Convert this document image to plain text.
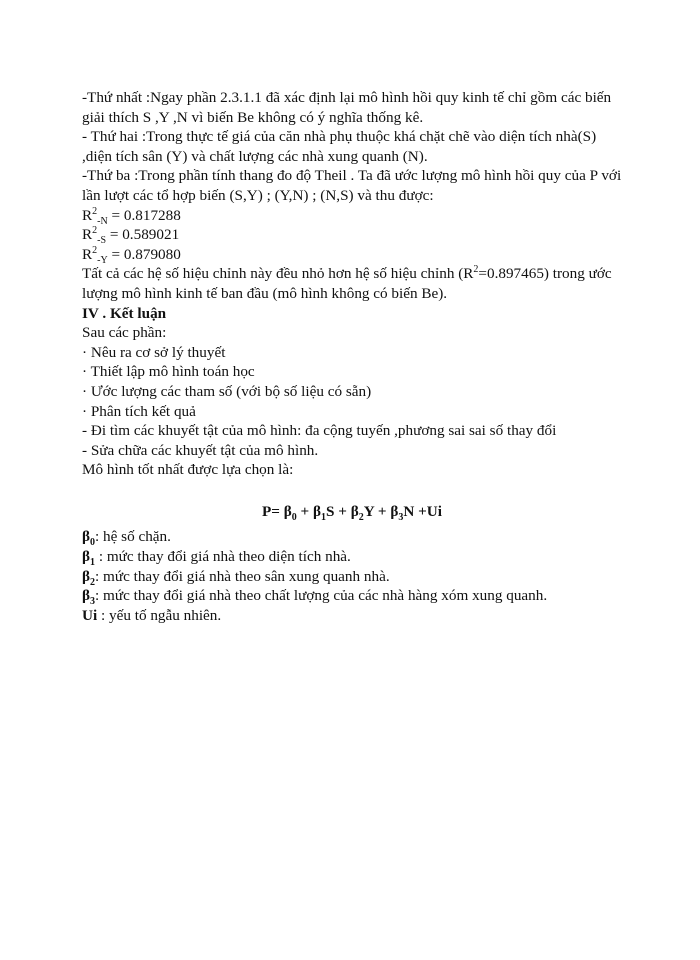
-Thứ nhất :Ngay phần 2.3.1.1 đã xác định lại mô hình hồi quy kinh tế chỉ gồm các biến giải thích S ,Y ,N vì biến Be không có ý nghĩa thống kê.

- Thứ hai :Trong thực tế giá của căn nhà phụ thuộc khá chặt chẽ vào diện tích nhà(S) ,diện tích sân (Y) và chất lượng các nhà xung quanh (N).

-Thứ ba :Trong phần tính thang đo độ Theil . Ta đã ước lượng mô hình hồi quy của P với lần lượt các tổ hợp biến (S,Y) ; (Y,N) ; (N,S) và thu được:

$R^2_{-N} = 0.817288$

$R^2_{-S} = 0.589021$

$R^2_{-Y} = 0.879080$

Tất cả các hệ số hiệu chỉnh này đều nhỏ hơn hệ số hiệu chỉnh $(R^2=0.897465)$ trong ước lượng mô hình kinh tế ban đầu (mô hình không có biến Be).

IV . Kết luận

Sau các phần:

· Nêu ra cơ sở lý thuyết

· Thiết lập mô hình toán học

· Ước lượng các tham số (với bộ số liệu có sẵn)

· Phân tích kết quả

- Đi tìm các khuyết tật của mô hình: đa cộng tuyến ,phương sai sai số thay đổi

- Sửa chữa các khuyết tật của mô hình.

Mô hình tốt nhất được lựa chọn là:

$P= \beta_0 + \beta_1S + \beta_2Y + \beta_3N +Ui$

$\beta_0$: hệ số chặn.

$\beta_1$ : mức thay đổi giá nhà theo diện tích nhà.

$\beta_2$: mức thay đổi giá nhà theo sân xung quanh nhà.

$\beta_3$: mức thay đổi giá nhà theo chất lượng của các nhà hàng xóm xung quanh.

Ui : yếu tố ngẫu nhiên.
